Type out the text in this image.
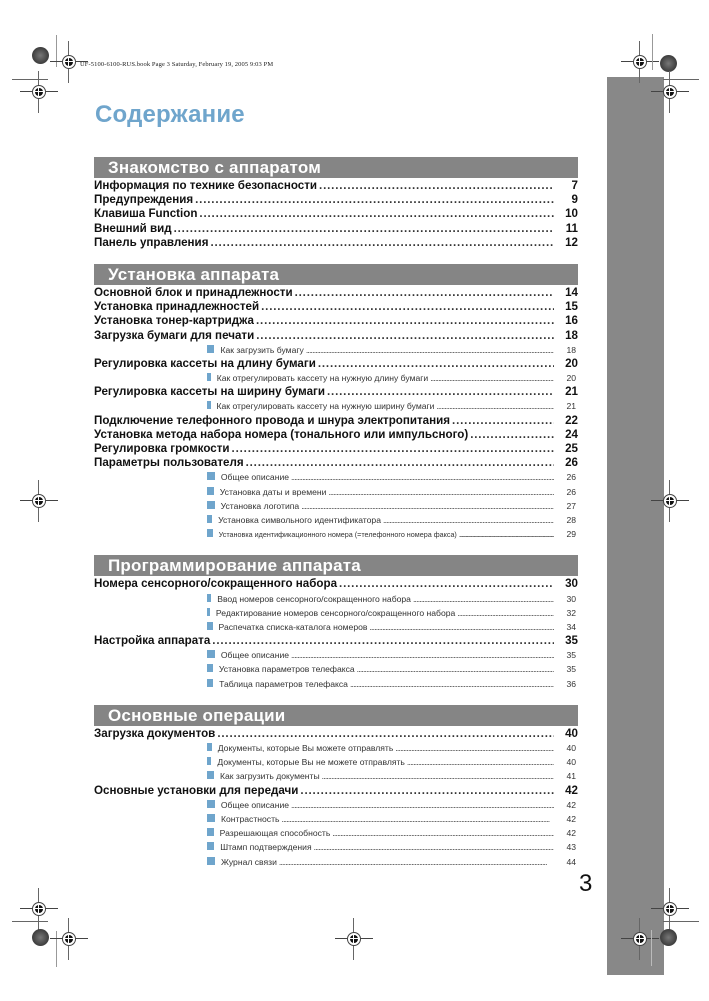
UF-5100-6100-RUS.book Page 3 Saturday, February 19, 2005 9:03 PM
Содержание
Знакомство с аппаратом
Информация по технике безопасности . . .	7
Предупреждения . . .	9
Клавиша Function . . .	10
Внешний вид . . .	11
Панель управления . . .	12
Установка аппарата
Основной блок и принадлежности . . .	14
Установка принадлежностей . . .	15
Установка тонер-картриджа . . .	16
Загрузка бумаги для печати . . .	18
Как загрузить бумагу . . .	18
Регулировка кассеты на длину бумаги . . .	20
Как отрегулировать кассету на нужную длину бумаги . . .	20
Регулировка кассеты на ширину бумаги . . .	21
Как отрегулировать кассету на нужную ширину бумаги . . .	21
Подключение телефонного провода и шнура электропитания . . .	22
Установка метода набора номера (тонального или импульсного) . . .	24
Регулировка громкости . . .	25
Параметры пользователя . . .	26
Общее описание . . .	26
Установка даты и времени . . .	26
Установка логотипа . . .	27
Установка символьного идентификатора . . .	28
Установка идентификационного номера (=телефонного номера факса) . . .	29
Программирование аппарата
Номера сенсорного/сокращенного набора . . .	30
Ввод номеров сенсорного/сокращенного набора . . .	30
Редактирование номеров сенсорного/сокращенного набора . . .	32
Распечатка списка-каталога номеров . . .	34
Настройка аппарата . . .	35
Общее описание . . .	35
Установка параметров телефакса . . .	35
Таблица параметров телефакса . . .	36
Основные операции
Загрузка документов . . .	40
Документы, которые Вы можете отправлять . . .	40
Документы, которые Вы не можете отправлять . . .	40
Как загрузить документы . . .	41
Основные установки для передачи . . .	42
Общее описание . . .	42
Контрастность . . .	42
Разрешающая способность . . .	42
Штамп подтверждения . . .	43
Журнал связи . . .	44
3
